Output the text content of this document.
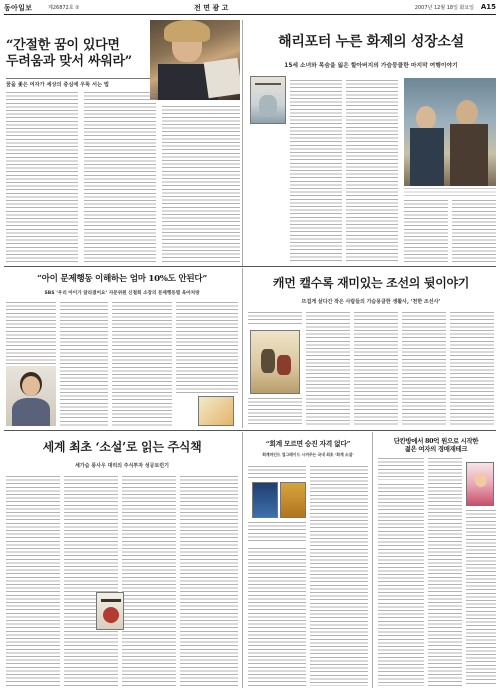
동아일보	제26872호 ②	전 면 광 고	2007년 12월 18일 화요일 A15
“간절한 꿈이 있다면
두려움과 맞서 싸워라”
꿈을 좇은 여자가 세상의 중심에 우뚝 서는 법
해리포터 누른 화제의 성장소설
15세 소녀와 목숨을 잃은 할아버지의 가슴뭉클한 마지막 여행이야기
“아이 문제행동 이해하는 엄마 10%도 안된다”
SBS ‘우리 아이가 달라졌어요’ 자문위원 신철희 소장의 문제행동별 육아처방
캐먼 캘수록 재미있는 조선의 뒷이야기
뜨겁게 살다간 작은 사람들의 가슴뭉클한 생활사, ‘천한 조선사’
세계 최초 ‘소설’로 읽는 주식책
세가슴 풍사우 대리의 주식투자 성공토런기
“회계 모르면 승진 자격 없다”
회계마인드 업그레이드 시켜주는 국내 최초 ‘회계 소설’
단칸방에서 80억 원으로 시작한
젊은 여자의 경매재테크
